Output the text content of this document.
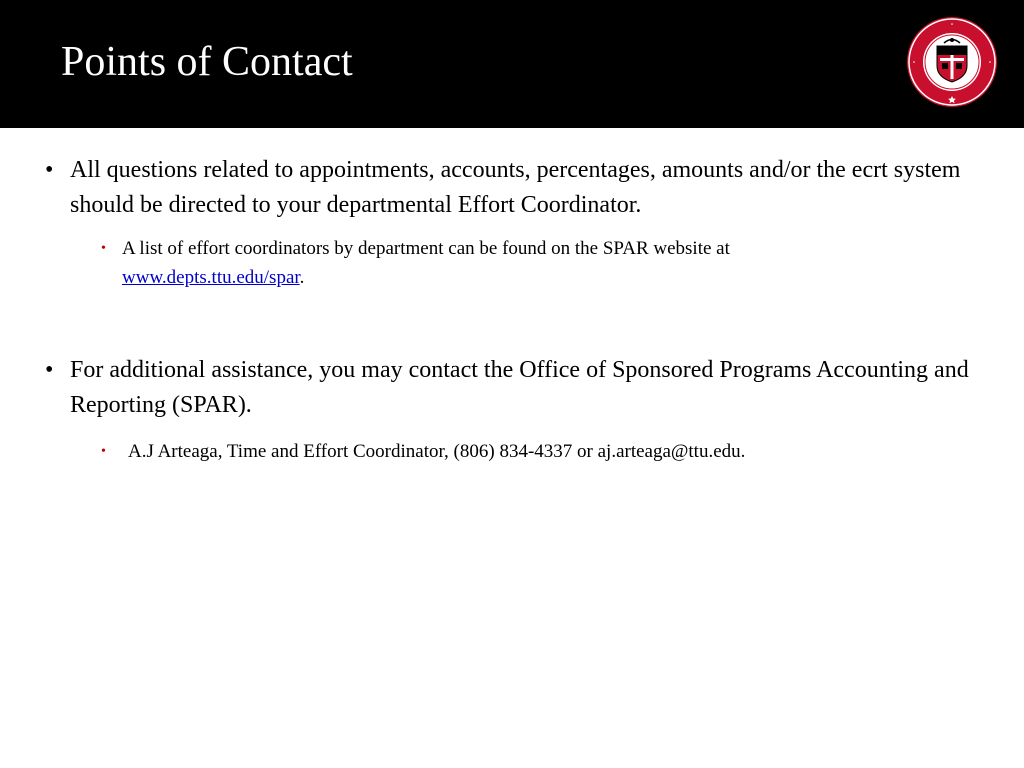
Points of Contact
• All questions related to appointments, accounts, percentages, amounts and/or the ecrt system should be directed to your departmental Effort Coordinator.
• A list of effort coordinators by department can be found on the SPAR website at
www.depts.ttu.edu/spar.
• For additional assistance, you may contact the Office of Sponsored Programs Accounting and Reporting (SPAR).
• A.J Arteaga, Time and Effort Coordinator, (806) 834-4337 or aj.arteaga@ttu.edu.
